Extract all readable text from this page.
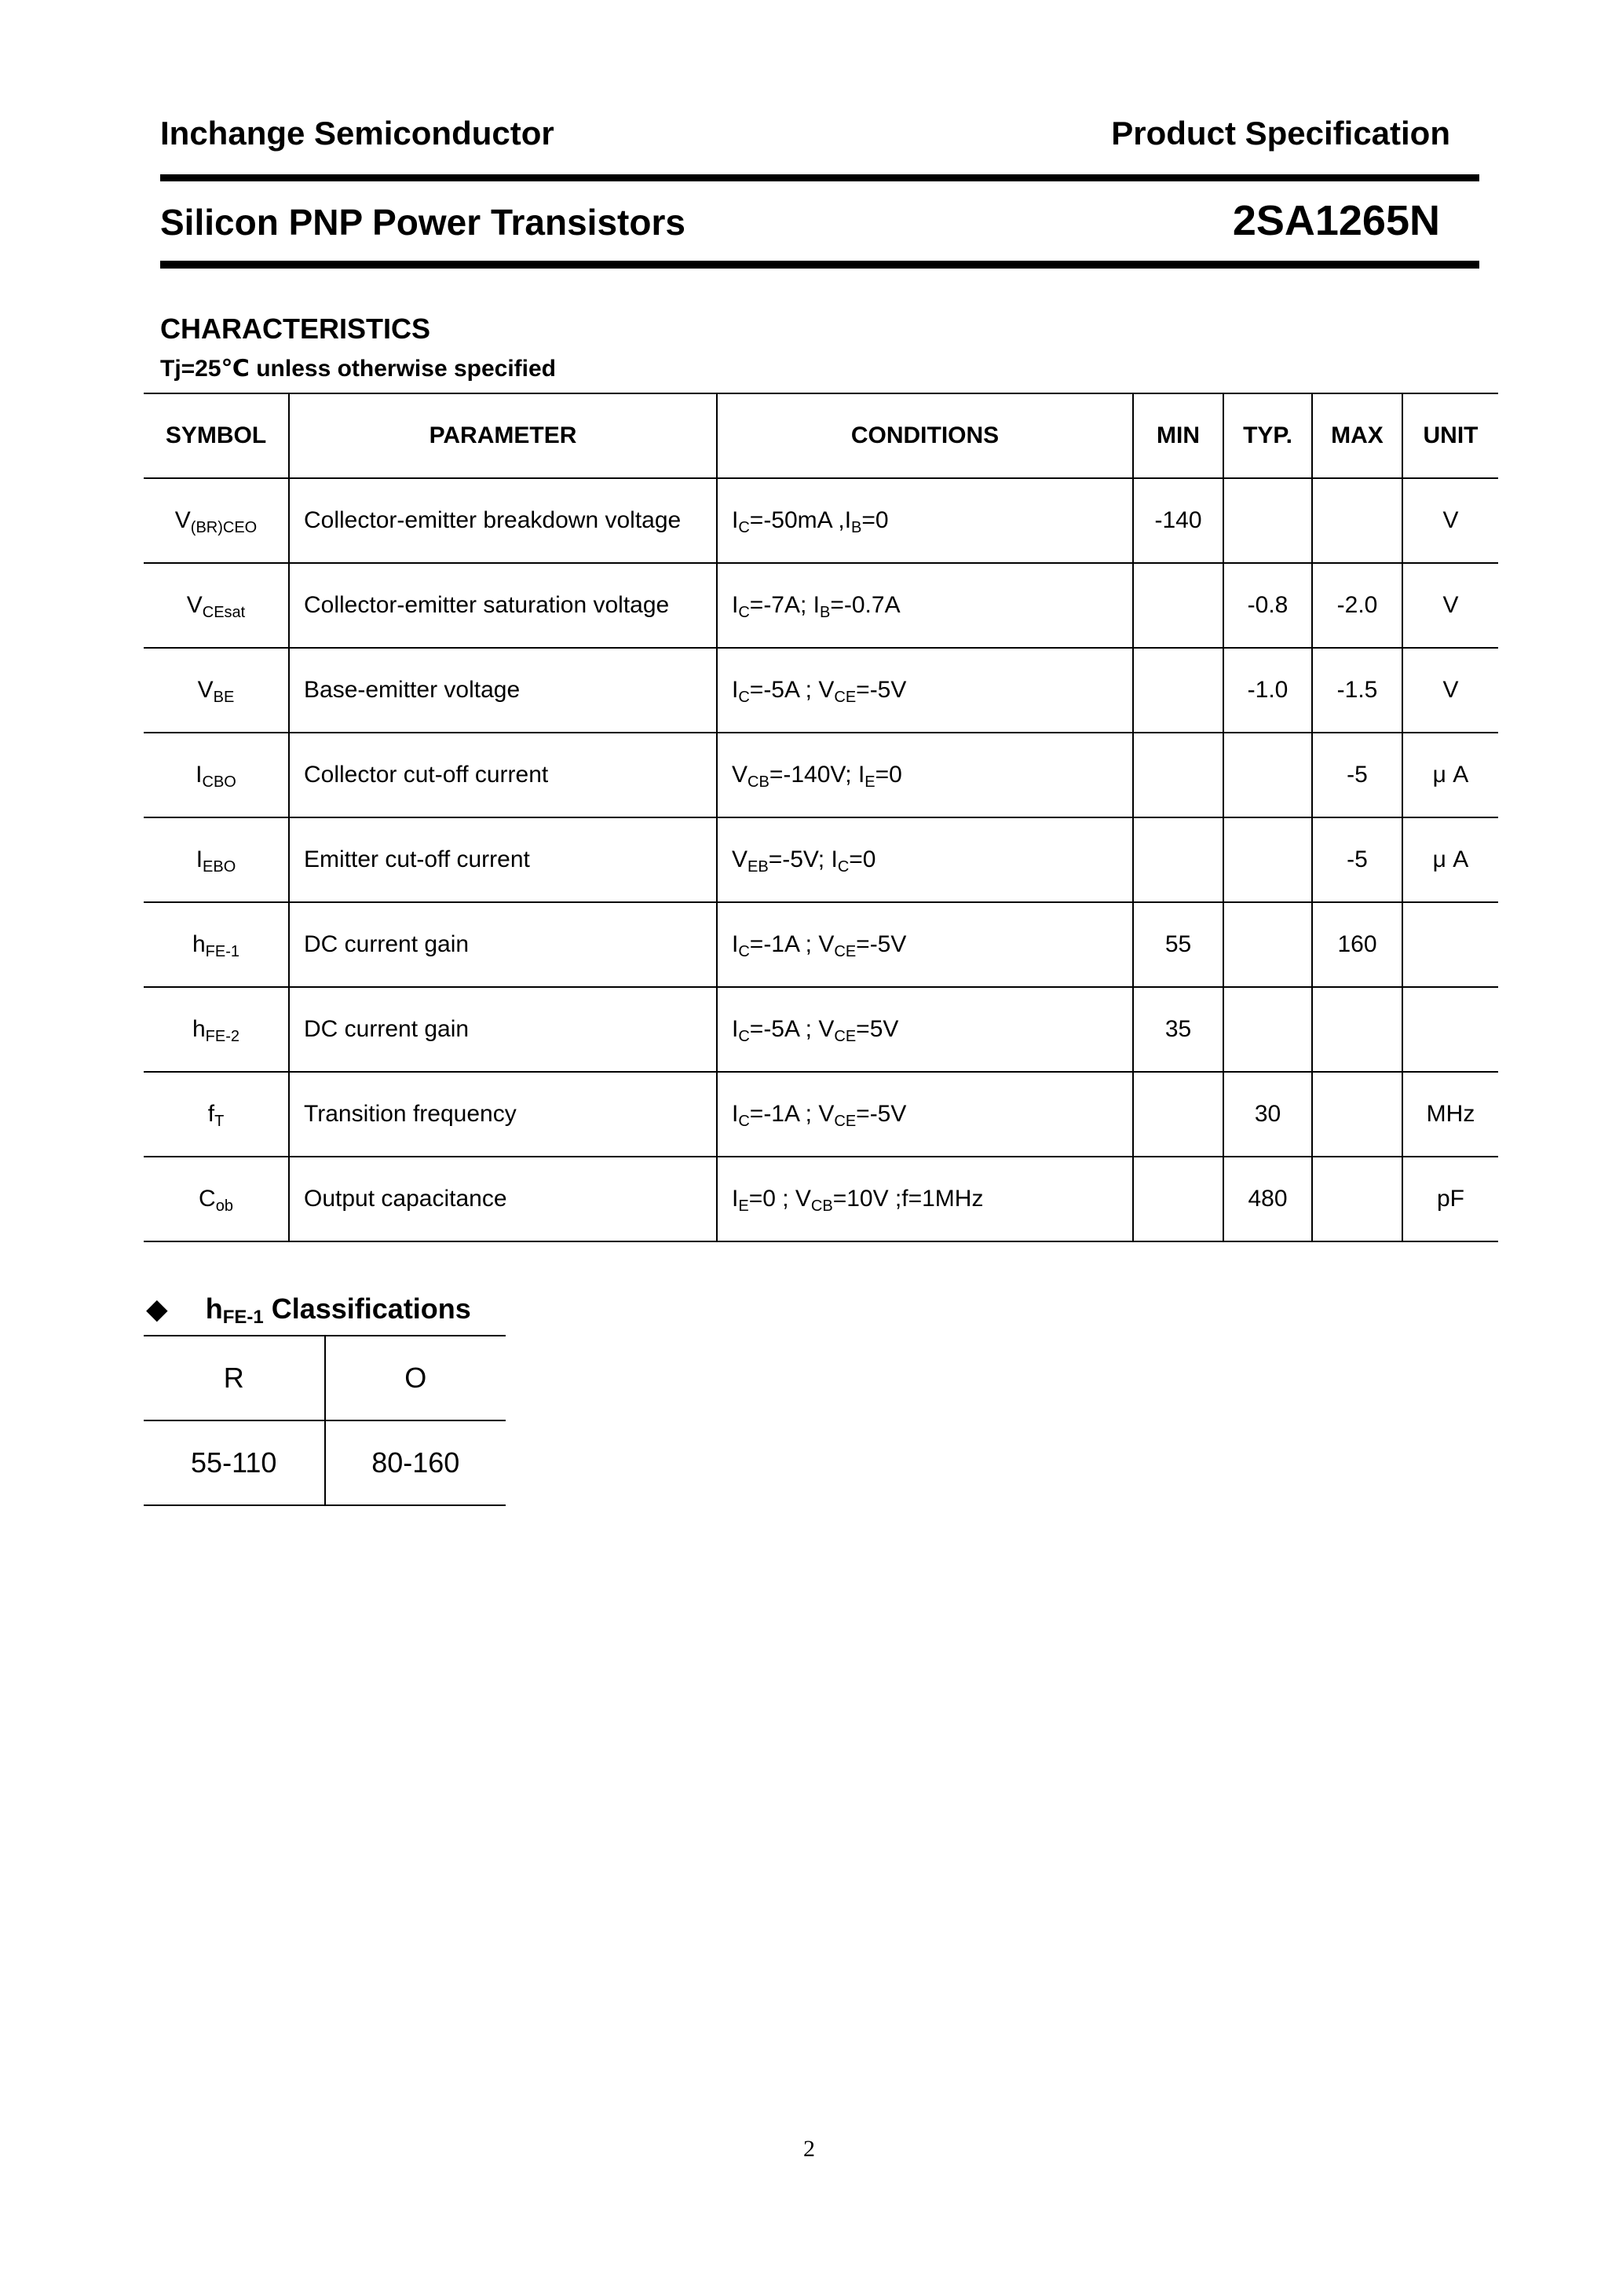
Inchange Semiconductor	Product Specification
Silicon PNP Power Transistors	2SA1265N
CHARACTERISTICS
Tj=25℃ unless otherwise specified
SYMBOL	PARAMETER	CONDITIONS	MIN	TYP.	MAX	UNIT
$V_{(BR)CEO}$	Collector-emitter breakdown voltage	$I_C=-50mA$ $,I_B=0$	-140			V
$V_{CEsat}$	Collector-emitter saturation voltage	$I_C=-7A$; $I_B=-0.7A$		-0.8	-2.0	V
$V_{BE}$	Base-emitter voltage	$I_C=-5A$ ; $V_{CE}=-5V$		-1.0	-1.5	V
$I_{CBO}$	Collector cut-off current	$V_{CB}=-140V$; $I_E=0$			-5	μ A
$I_{EBO}$	Emitter cut-off current	$V_{EB}=-5V$; $I_C=0$			-5	μ A
$h_{FE-1}$	DC current gain	$I_C=-1A$ ; $V_{CE}=-5V$	55		160	
$h_{FE-2}$	DC current gain	$I_C=-5A$ ; $V_{CE}=5V$	35			
$f_T$	Transition frequency	$I_C=-1A$ ; $V_{CE}=-5V$		30		MHz
$C_{ob}$	Output capacitance	$I_E=0$ ; $V_{CB}=10V$ ;f=1MHz		480		pF
◆ $h_{FE-1}$ Classifications
R	O
55-110	80-160
2
